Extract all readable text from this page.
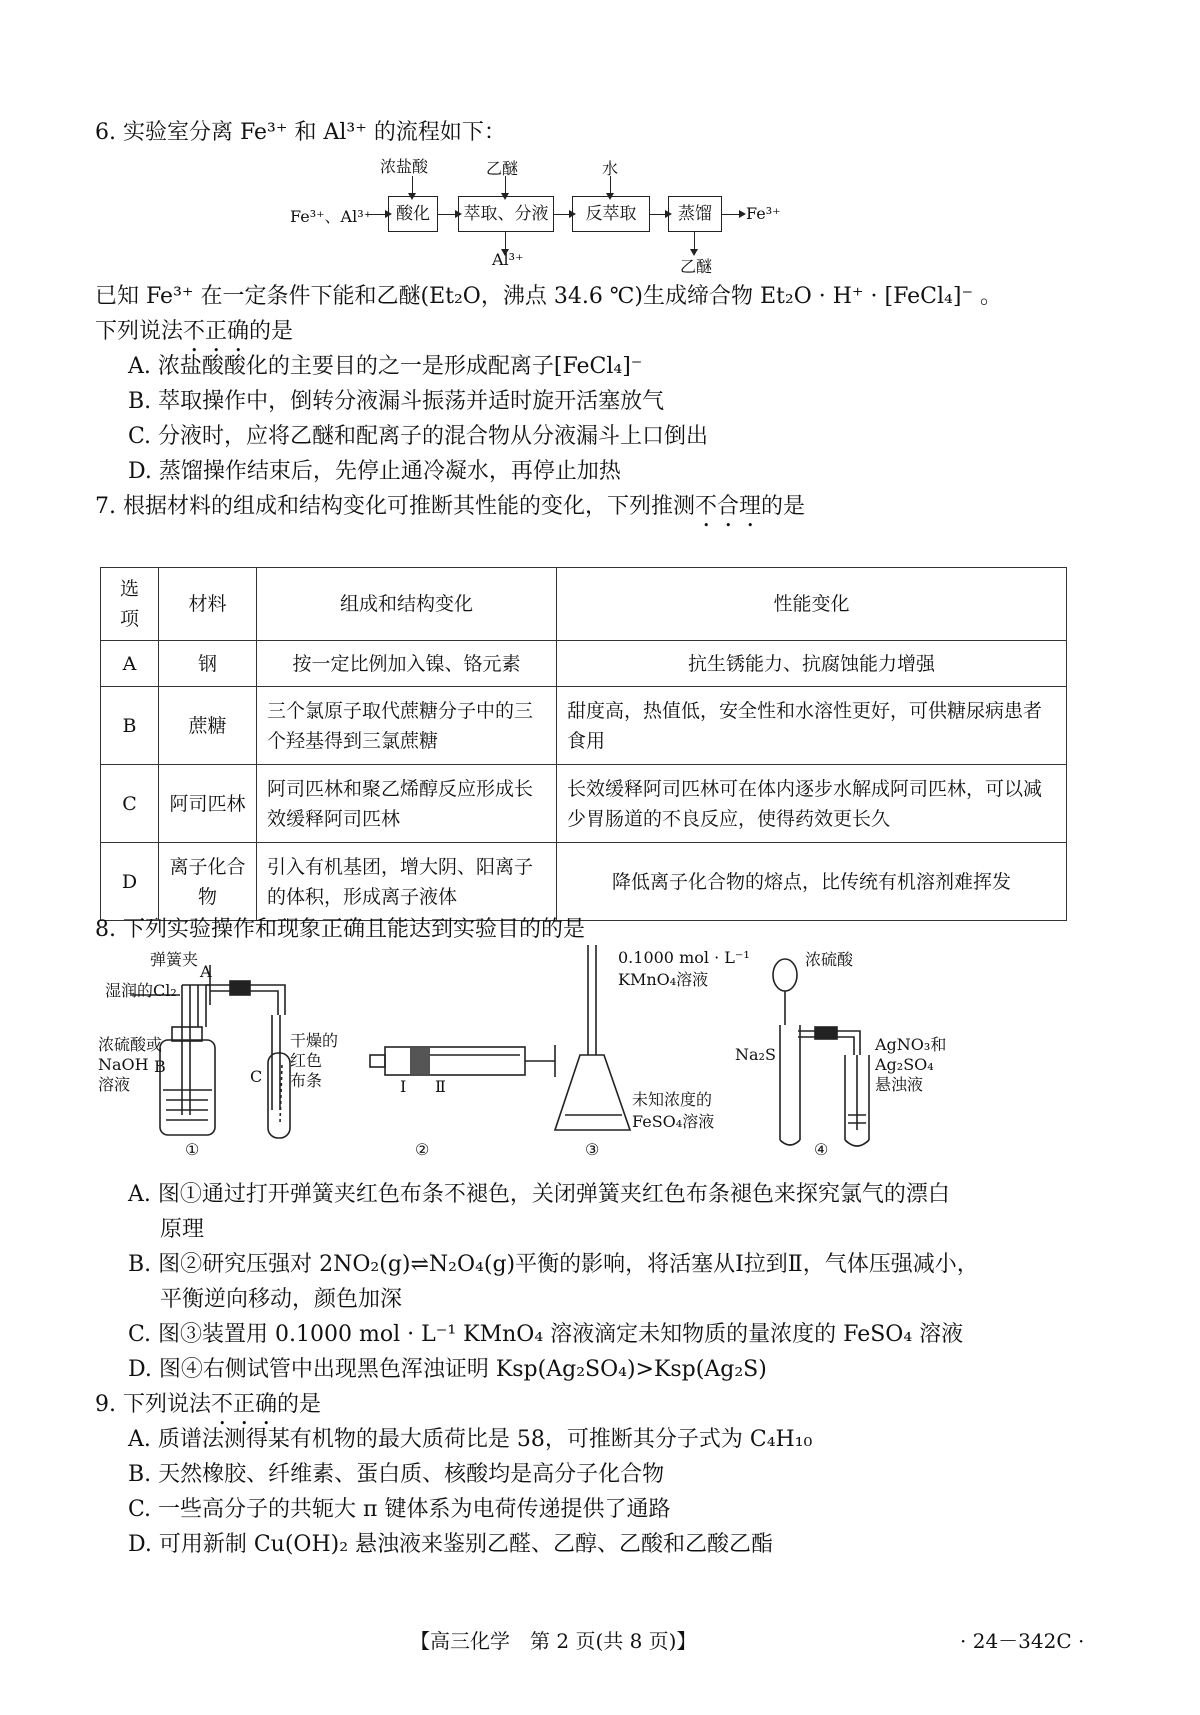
6. 实验室分离 Fe³⁺ 和 Al³⁺ 的流程如下：
Fe³⁺、Al³⁺	酸化
浓盐酸
萃取、分液
乙醚
Al³⁺
反萃取
水
蒸馏
乙醚
Fe³⁺
已知 Fe³⁺ 在一定条件下能和乙醚(Et₂O，沸点 34.6 ℃)生成缔合物 Et₂O · H⁺ · [FeCl₄]⁻ 。
下列说法不正确的是
A. 浓盐酸酸化的主要目的之一是形成配离子[FeCl₄]⁻
B. 萃取操作中，倒转分液漏斗振荡并适时旋开活塞放气
C. 分液时，应将乙醚和配离子的混合物从分液漏斗上口倒出
D. 蒸馏操作结束后，先停止通冷凝水，再停止加热
7. 根据材料的组成和结构变化可推断其性能的变化，下列推测不合理的是
选项	材料	组成和结构变化	性能变化
A	钢	按一定比例加入镍、铬元素	抗生锈能力、抗腐蚀能力增强
B	蔗糖	三个氯原子取代蔗糖分子中的三个羟基得到三氯蔗糖	甜度高，热值低，安全性和水溶性更好，可供糖尿病患者食用
C	阿司匹林	阿司匹林和聚乙烯醇反应形成长效缓释阿司匹林	长效缓释阿司匹林可在体内逐步水解成阿司匹林，可以减少胃肠道的不良反应，使得药效更长久
D	离子化合物	引入有机基团，增大阴、阳离子的体积，形成离子液体	降低离子化合物的熔点，比传统有机溶剂难挥发
8. 下列实验操作和现象正确且能达到实验目的的是
弹簧夹
A
湿润的Cl₂
浓硫酸或
NaOH
溶液
B
C
干燥的
红色
布条
①
Ⅰ Ⅱ
②
0.1000 mol · L⁻¹
KMnO₄溶液
未知浓度的
FeSO₄溶液
③
浓硫酸
Na₂S
AgNO₃和
Ag₂SO₄
悬浊液
④
A. 图①通过打开弹簧夹红色布条不褪色，关闭弹簧夹红色布条褪色来探究氯气的漂白
原理
B. 图②研究压强对 2NO₂(g)⇌N₂O₄(g)平衡的影响，将活塞从Ⅰ拉到Ⅱ，气体压强减小，
平衡逆向移动，颜色加深
C. 图③装置用 0.1000 mol · L⁻¹ KMnO₄ 溶液滴定未知物质的量浓度的 FeSO₄ 溶液
D. 图④右侧试管中出现黑色浑浊证明 Ksp(Ag₂SO₄)>Ksp(Ag₂S)
9. 下列说法不正确的是
A. 质谱法测得某有机物的最大质荷比是 58，可推断其分子式为 C₄H₁₀
B. 天然橡胶、纤维素、蛋白质、核酸均是高分子化合物
C. 一些高分子的共轭大 π 键体系为电荷传递提供了通路
D. 可用新制 Cu(OH)₂ 悬浊液来鉴别乙醛、乙醇、乙酸和乙酸乙酯
【高三化学　第 2 页(共 8 页)】	· 24－342C ·
